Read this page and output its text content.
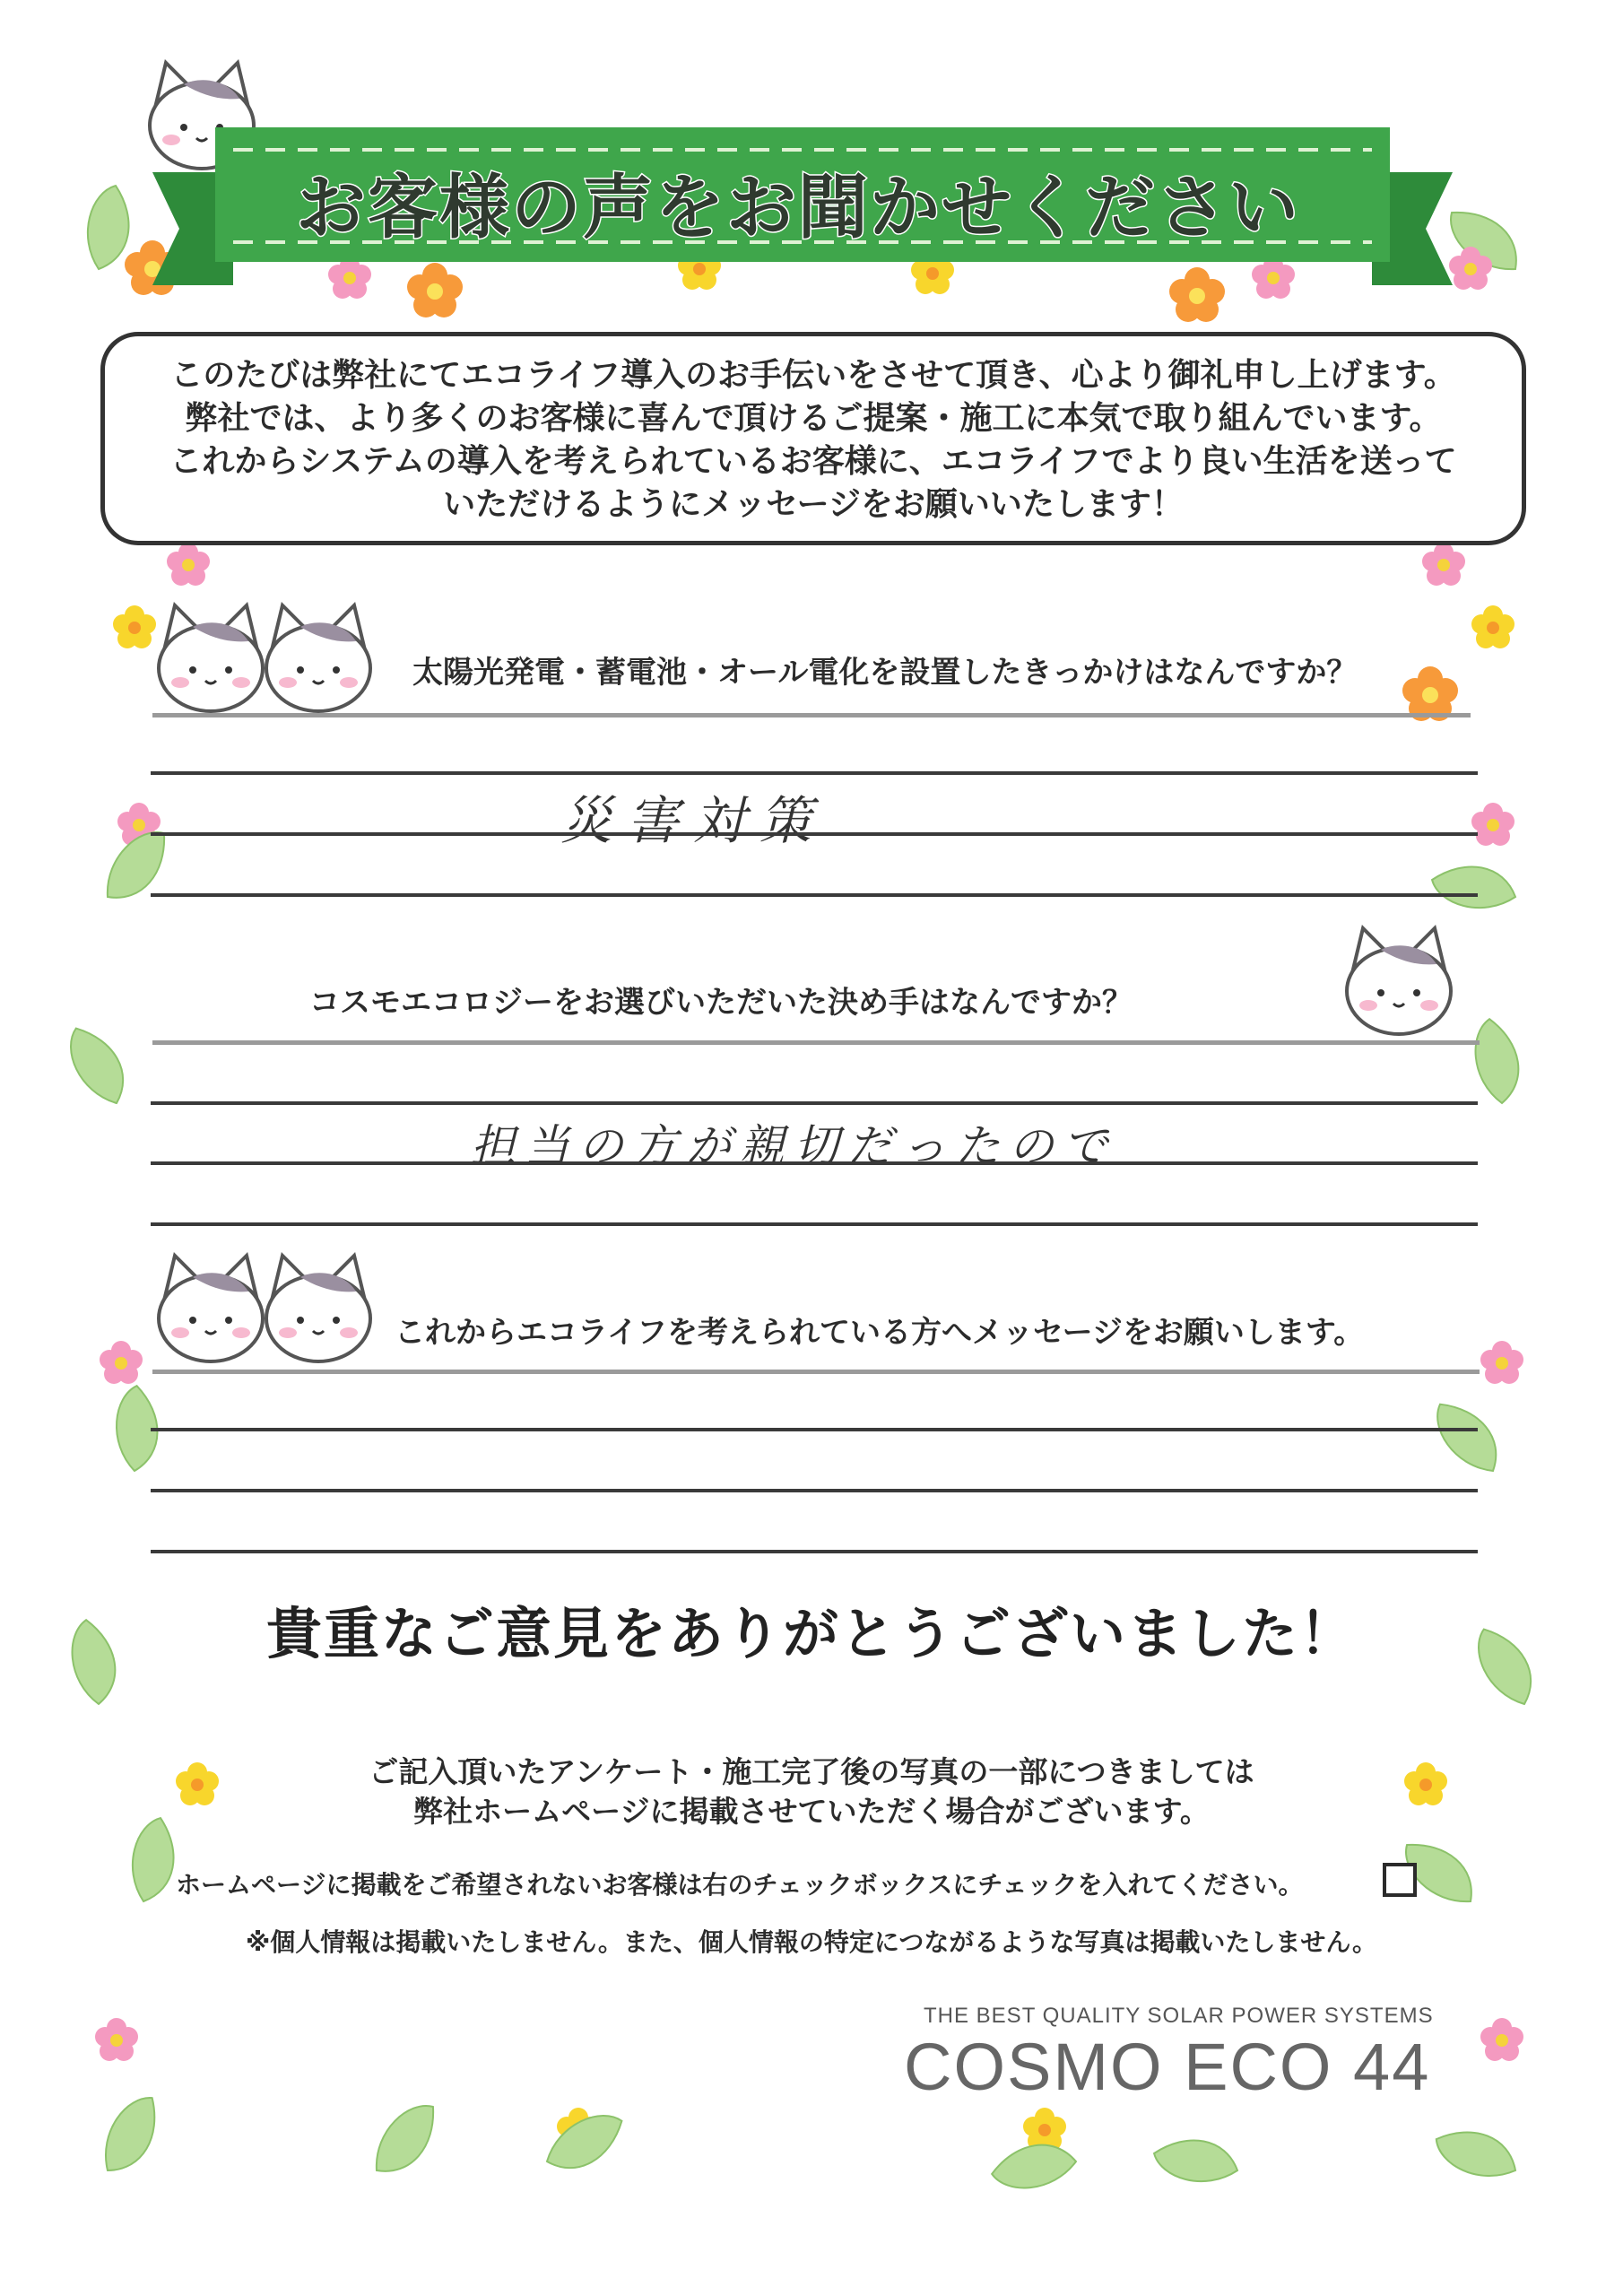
お客様の声をお聞かせください
このたびは弊社にてエコライフ導入のお手伝いをさせて頂き、心より御礼申し上げます。
弊社では、より多くのお客様に喜んで頂けるご提案・施工に本気で取り組んでいます。
これからシステムの導入を考えられているお客様に、エコライフでより良い生活を送って
いただけるようにメッセージをお願いいたします！
太陽光発電・蓄電池・オール電化を設置したきっかけはなんですか？
災害対策
コスモエコロジーをお選びいただいた決め手はなんですか？
担当の方が親切だったので
これからエコライフを考えられている方へメッセージをお願いします。
貴重なご意見をありがとうございました！
ご記入頂いたアンケート・施工完了後の写真の一部につきましては
弊社ホームページに掲載させていただく場合がございます。
ホームページに掲載をご希望されないお客様は右のチェックボックスにチェックを入れてください。
※個人情報は掲載いたしません。また、個人情報の特定につながるような写真は掲載いたしません。
THE BEST QUALITY SOLAR POWER SYSTEMS
COSMO ECO 44
